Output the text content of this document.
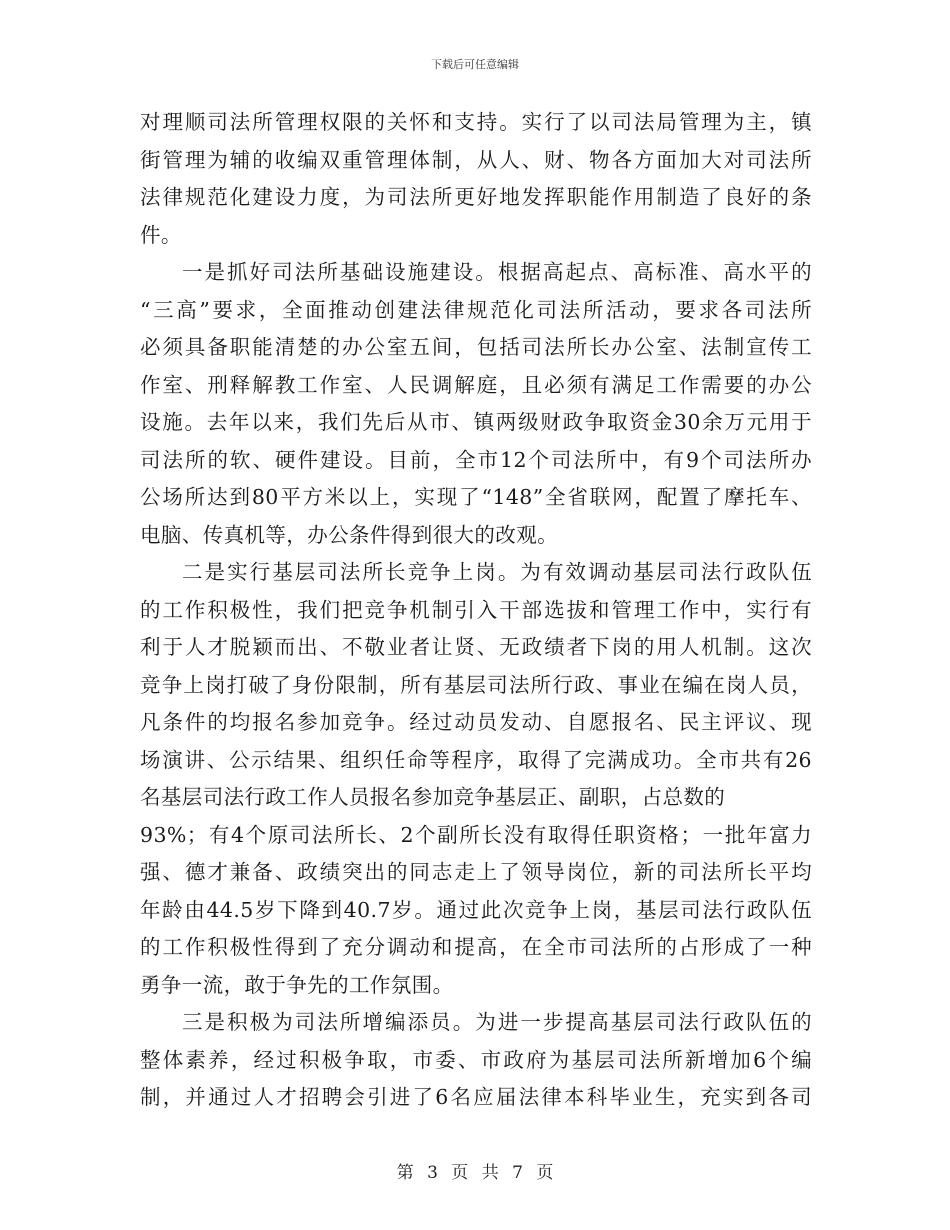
下载后可任意编辑
对理顺司法所管理权限的关怀和支持。实行了以司法局管理为主，镇
街管理为辅的收编双重管理体制，从人、财、物各方面加大对司法所
法律规范化建设力度，为司法所更好地发挥职能作用制造了良好的条
件。
一是抓好司法所基础设施建设。根据高起点、高标准、高水平的
“三高”要求，全面推动创建法律规范化司法所活动，要求各司法所
必须具备职能清楚的办公室五间，包括司法所长办公室、法制宣传工
作室、刑释解教工作室、人民调解庭，且必须有满足工作需要的办公
设施。去年以来，我们先后从市、镇两级财政争取资金30余万元用于
司法所的软、硬件建设。目前，全市12个司法所中，有9个司法所办
公场所达到80平方米以上，实现了“148”全省联网，配置了摩托车、
电脑、传真机等，办公条件得到很大的改观。
二是实行基层司法所长竞争上岗。为有效调动基层司法行政队伍
的工作积极性，我们把竞争机制引入干部选拔和管理工作中，实行有
利于人才脱颖而出、不敬业者让贤、无政绩者下岗的用人机制。这次
竞争上岗打破了身份限制，所有基层司法所行政、事业在编在岗人员，
凡条件的均报名参加竞争。经过动员发动、自愿报名、民主评议、现
场演讲、公示结果、组织任命等程序，取得了完满成功。全市共有26
名基层司法行政工作人员报名参加竞争基层正、副职，占总数的
93%；有4个原司法所长、2个副所长没有取得任职资格；一批年富力
强、德才兼备、政绩突出的同志走上了领导岗位，新的司法所长平均
年龄由44.5岁下降到40.7岁。通过此次竞争上岗，基层司法行政队伍
的工作积极性得到了充分调动和提高，在全市司法所的占形成了一种
勇争一流，敢于争先的工作氛围。
三是积极为司法所增编添员。为进一步提高基层司法行政队伍的
整体素养，经过积极争取，市委、市政府为基层司法所新增加6个编
制，并通过人才招聘会引进了6名应届法律本科毕业生，充实到各司
第 3 页 共 7 页
